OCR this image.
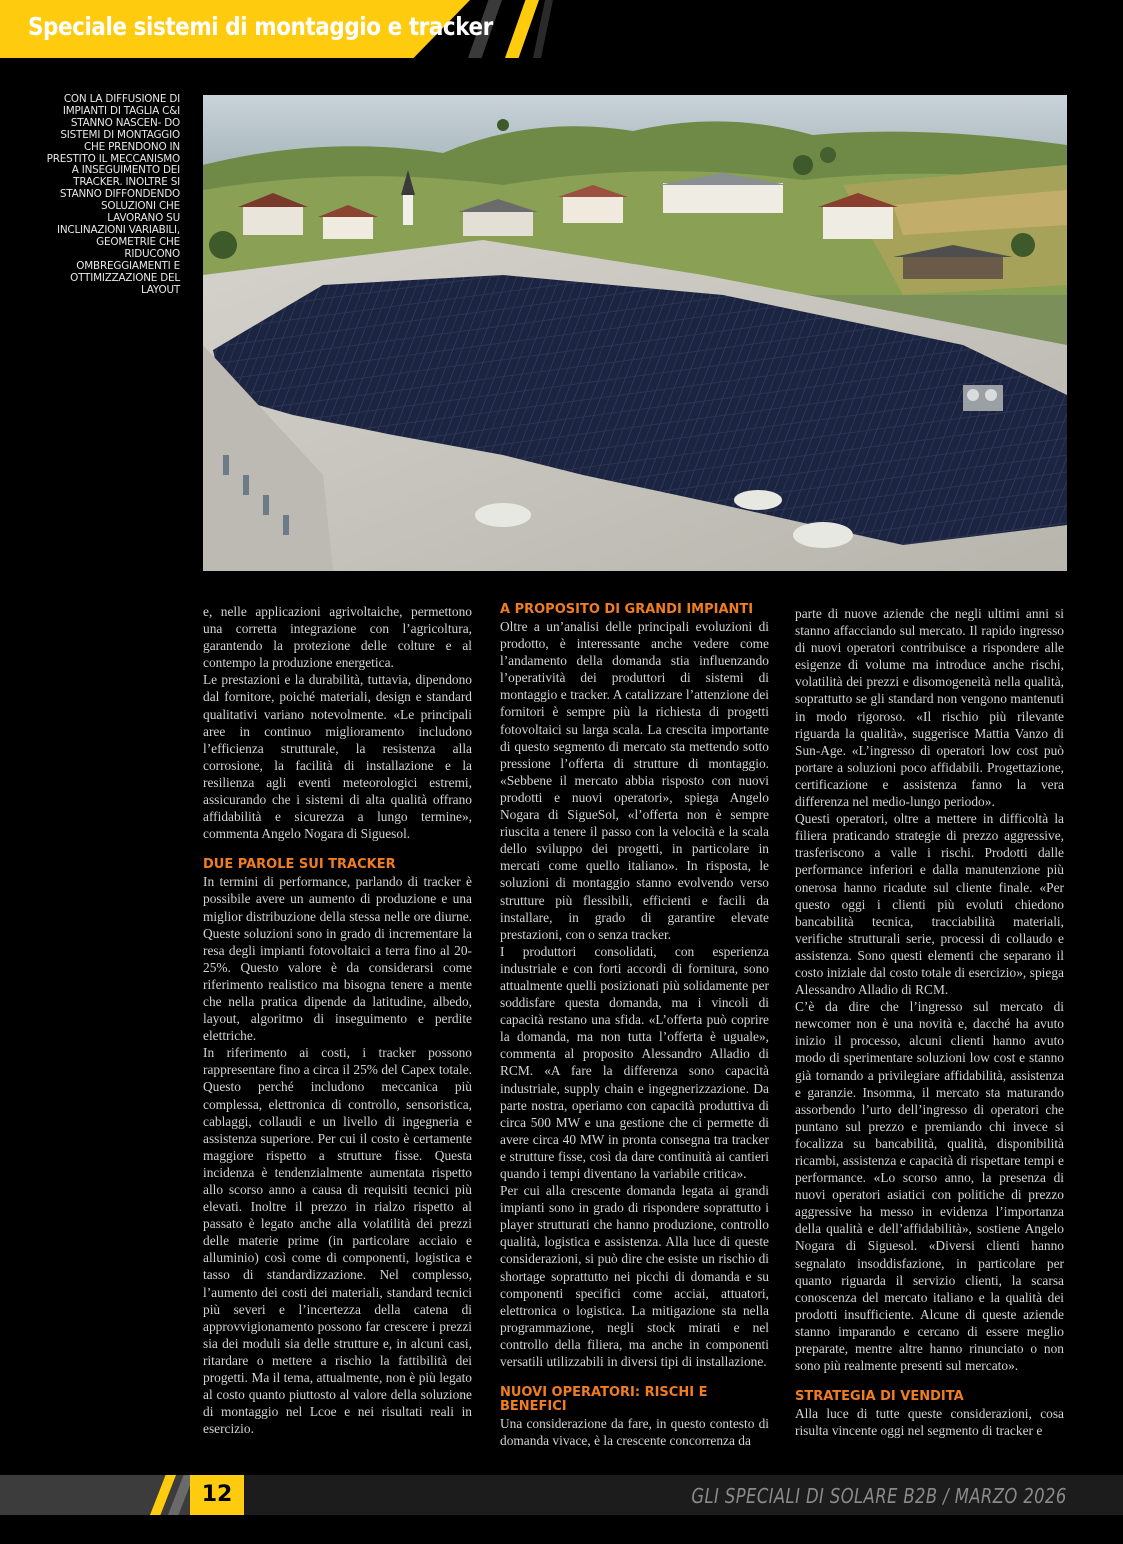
Speciale sistemi di montaggio e tracker
CON LA DIFFUSIONE DI IMPIANTI DI TAGLIA C&I STANNO NASCEN- DO SISTEMI DI MONTAGGIO CHE PRENDONO IN PRESTITO IL MECCANISMO A INSEGUIMENTO DEI TRACKER. INOLTRE SI STANNO DIFFONDENDO SOLUZIONI CHE LAVORANO SU INCLINAZIONI VARIABILI, GEOMETRIE CHE RIDUCONO OMBREGGIAMENTI E OTTIMIZZAZIONE DEL LAYOUT

e, nelle applicazioni agrivoltaiche, permettono una corretta integrazione con l’agricoltura, garantendo la protezione delle colture e al contempo la produzione energetica.

Le prestazioni e la durabilità, tuttavia, dipendono dal fornitore, poiché materiali, design e standard qualitativi variano notevolmente. «Le principali aree in continuo miglioramento includono l’efficienza strutturale, la resistenza alla corrosione, la facilità di installazione e la resilienza agli eventi meteorologici estremi, assicurando che i sistemi di alta qualità offrano affidabilità e sicurezza a lungo termine», commenta Angelo Nogara di Siguesol.

DUE PAROLE SUI TRACKER

In termini di performance, parlando di tracker è possibile avere un aumento di produzione e una miglior distribuzione della stessa nelle ore diurne. Queste soluzioni sono in grado di incrementare la resa degli impianti fotovoltaici a terra fino al 20-25%. Questo valore è da considerarsi come riferimento realistico ma bisogna tenere a mente che nella pratica dipende da latitudine, albedo, layout, algoritmo di inseguimento e perdite elettriche.

In riferimento ai costi, i tracker possono rappresentare fino a circa il 25% del Capex totale. Questo perché includono meccanica più complessa, elettronica di controllo, sensoristica, cablaggi, collaudi e un livello di ingegneria e assistenza superiore. Per cui il costo è certamente maggiore rispetto a strutture fisse. Questa incidenza è tendenzialmente aumentata rispetto allo scorso anno a causa di requisiti tecnici più elevati. Inoltre il prezzo in rialzo rispetto al passato è legato anche alla volatilità dei prezzi delle materie prime (in particolare acciaio e alluminio) così come di componenti, logistica e tasso di standardizzazione. Nel complesso, l’aumento dei costi dei materiali, standard tecnici più severi e l’incertezza della catena di approvvigionamento possono far crescere i prezzi sia dei moduli sia delle strutture e, in alcuni casi, ritardare o mettere a rischio la fattibilità dei progetti. Ma il tema, attualmente, non è più legato al costo quanto piuttosto al valore della soluzione di montaggio nel Lcoe e nei risultati reali in esercizio.

A PROPOSITO DI GRANDI IMPIANTI

Oltre a un’analisi delle principali evoluzioni di prodotto, è interessante anche vedere come l’andamento della domanda stia influenzando l’operatività dei produttori di sistemi di montaggio e tracker. A catalizzare l’attenzione dei fornitori è sempre più la richiesta di progetti fotovoltaici su larga scala. La crescita importante di questo segmento di mercato sta mettendo sotto pressione l’offerta di strutture di montaggio. «Sebbene il mercato abbia risposto con nuovi prodotti e nuovi operatori», spiega Angelo Nogara di SigueSol, «l’offerta non è sempre riuscita a tenere il passo con la velocità e la scala dello sviluppo dei progetti, in particolare in mercati come quello italiano». In risposta, le soluzioni di montaggio stanno evolvendo verso strutture più flessibili, efficienti e facili da installare, in grado di garantire elevate prestazioni, con o senza tracker.

I produttori consolidati, con esperienza industriale e con forti accordi di fornitura, sono attualmente quelli posizionati più solidamente per soddisfare questa domanda, ma i vincoli di capacità restano una sfida. «L’offerta può coprire la domanda, ma non tutta l’offerta è uguale», commenta al proposito Alessandro Alladio di RCM. «A fare la differenza sono capacità industriale, supply chain e ingegnerizzazione. Da parte nostra, operiamo con capacità produttiva di circa 500 MW e una gestione che ci permette di avere circa 40 MW in pronta consegna tra tracker e strutture fisse, così da dare continuità ai cantieri quando i tempi diventano la variabile critica».

Per cui alla crescente domanda legata ai grandi impianti sono in grado di rispondere soprattutto i player strutturati che hanno produzione, controllo qualità, logistica e assistenza. Alla luce di queste considerazioni, si può dire che esiste un rischio di shortage soprattutto nei picchi di domanda e su componenti specifici come acciai, attuatori, elettronica o logistica. La mitigazione sta nella programmazione, negli stock mirati e nel controllo della filiera, ma anche in componenti versatili utilizzabili in diversi tipi di installazione.

NUOVI OPERATORI: RISCHI E BENEFICI

Una considerazione da fare, in questo contesto di domanda vivace, è la crescente concorrenza da

parte di nuove aziende che negli ultimi anni si stanno affacciando sul mercato. Il rapido ingresso di nuovi operatori contribuisce a rispondere alle esigenze di volume ma introduce anche rischi, volatilità dei prezzi e disomogeneità nella qualità, soprattutto se gli standard non vengono mantenuti in modo rigoroso. «Il rischio più rilevante riguarda la qualità», suggerisce Mattia Vanzo di Sun-Age. «L’ingresso di operatori low cost può portare a soluzioni poco affidabili. Progettazione, certificazione e assistenza fanno la vera differenza nel medio-lungo periodo».

Questi operatori, oltre a mettere in difficoltà la filiera praticando strategie di prezzo aggressive, trasferiscono a valle i rischi. Prodotti dalle performance inferiori e dalla manutenzione più onerosa hanno ricadute sul cliente finale. «Per questo oggi i clienti più evoluti chiedono bancabilità tecnica, tracciabilità materiali, verifiche strutturali serie, processi di collaudo e assistenza. Sono questi elementi che separano il costo iniziale dal costo totale di esercizio», spiega Alessandro Alladio di RCM.

C’è da dire che l’ingresso sul mercato di newcomer non è una novità e, dacché ha avuto inizio il processo, alcuni clienti hanno avuto modo di sperimentare soluzioni low cost e stanno già tornando a privilegiare affidabilità, assistenza e garanzie. Insomma, il mercato sta maturando assorbendo l’urto dell’ingresso di operatori che puntano sul prezzo e premiando chi invece si focalizza su bancabilità, qualità, disponibilità ricambi, assistenza e capacità di rispettare tempi e performance. «Lo scorso anno, la presenza di nuovi operatori asiatici con politiche di prezzo aggressive ha messo in evidenza l’importanza della qualità e dell’affidabilità», sostiene Angelo Nogara di Siguesol. «Diversi clienti hanno segnalato insoddisfazione, in particolare per quanto riguarda il servizio clienti, la scarsa conoscenza del mercato italiano e la qualità dei prodotti insufficiente. Alcune di queste aziende stanno imparando e cercano di essere meglio preparate, mentre altre hanno rinunciato o non sono più realmente presenti sul mercato».

STRATEGIA DI VENDITA

Alla luce di tutte queste considerazioni, cosa risulta vincente oggi nel segmento di tracker e

12	GLI SPECIALI DI SOLARE B2B / MARZO 2026
